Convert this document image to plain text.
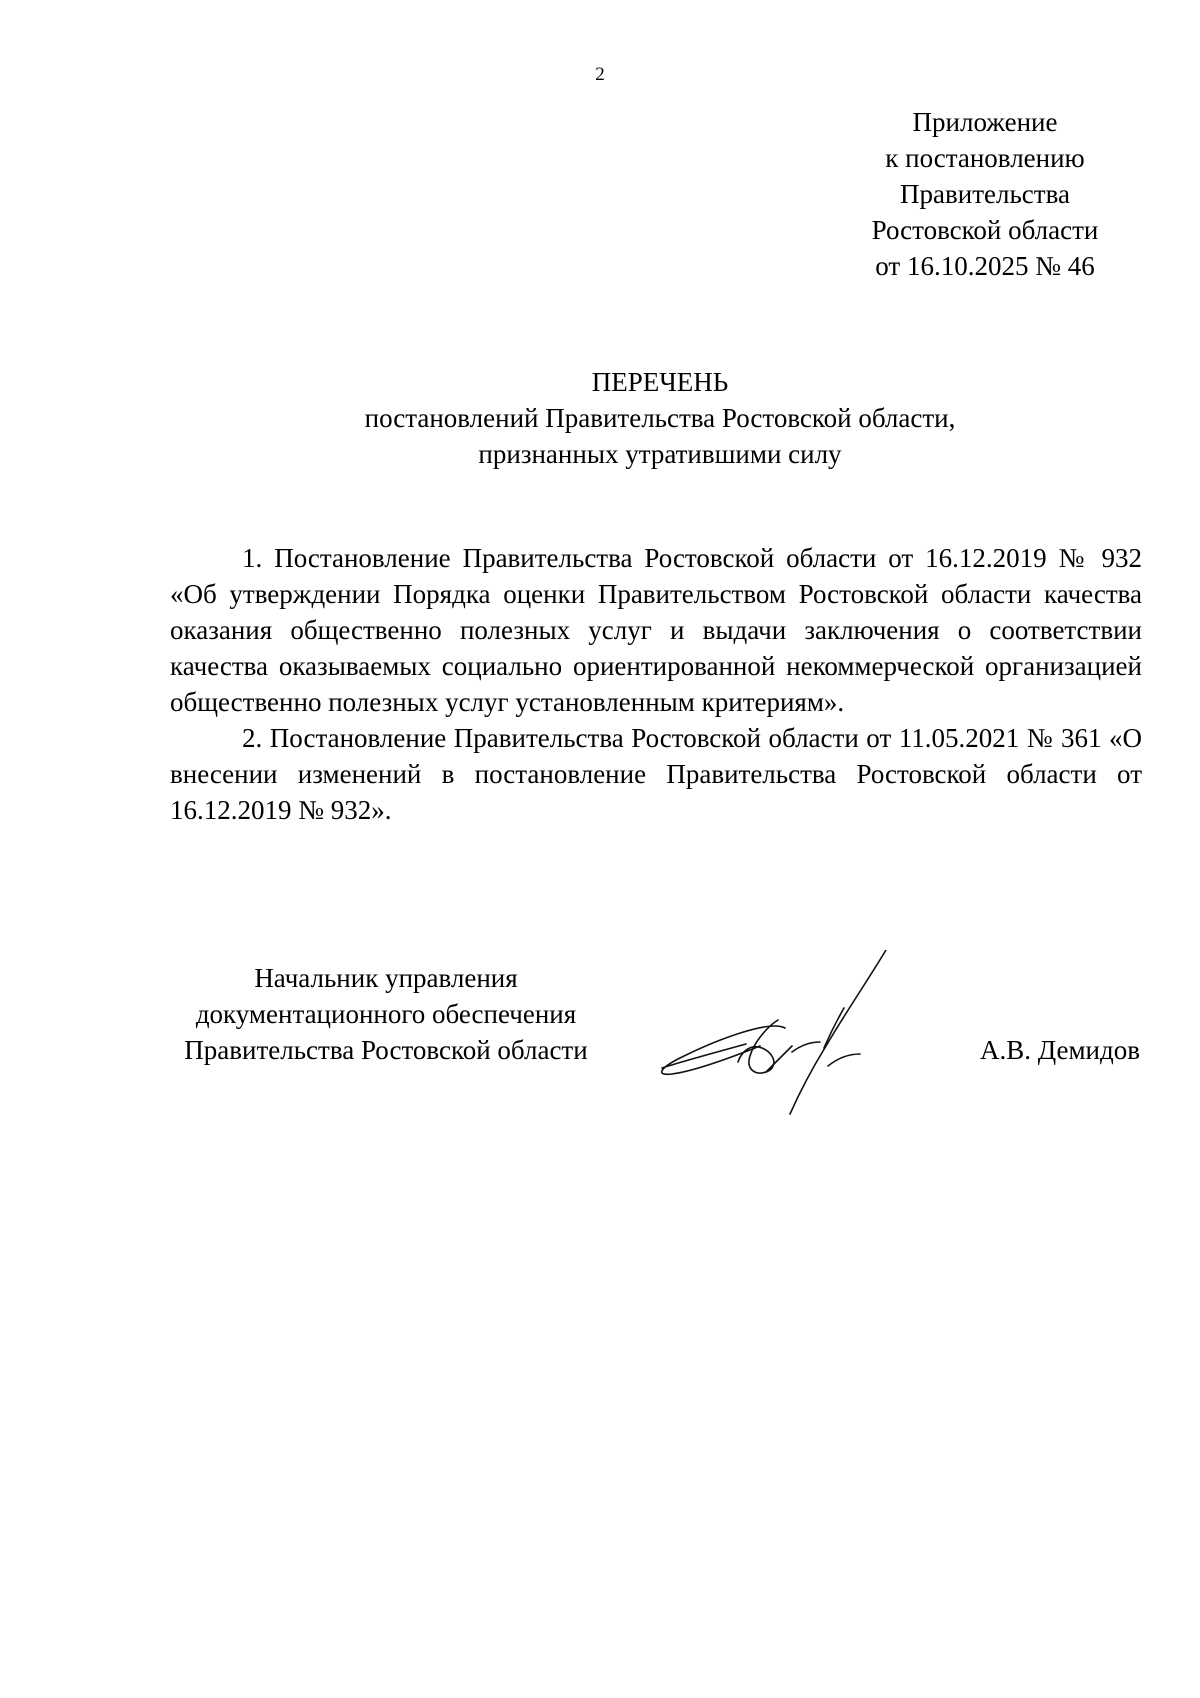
2
Приложение
к постановлению
Правительства
Ростовской области
от 16.10.2025 № 46
ПЕРЕЧЕНЬ
постановлений Правительства Ростовской области,
признанных утратившими силу

1. Постановление Правительства Ростовской области от 16.12.2019 № 932 «Об утверждении Порядка оценки Правительством Ростовской области качества оказания общественно полезных услуг и выдачи заключения о соответствии качества оказываемых социально ориентированной некоммерческой организацией общественно полезных услуг установленным критериям».

2. Постановление Правительства Ростовской области от 11.05.2021 № 361 «О внесении изменений в постановление Правительства Ростовской области от 16.12.2019 № 932».

Начальник управления
документационного обеспечения
Правительства Ростовской области	А.В. Демидов
